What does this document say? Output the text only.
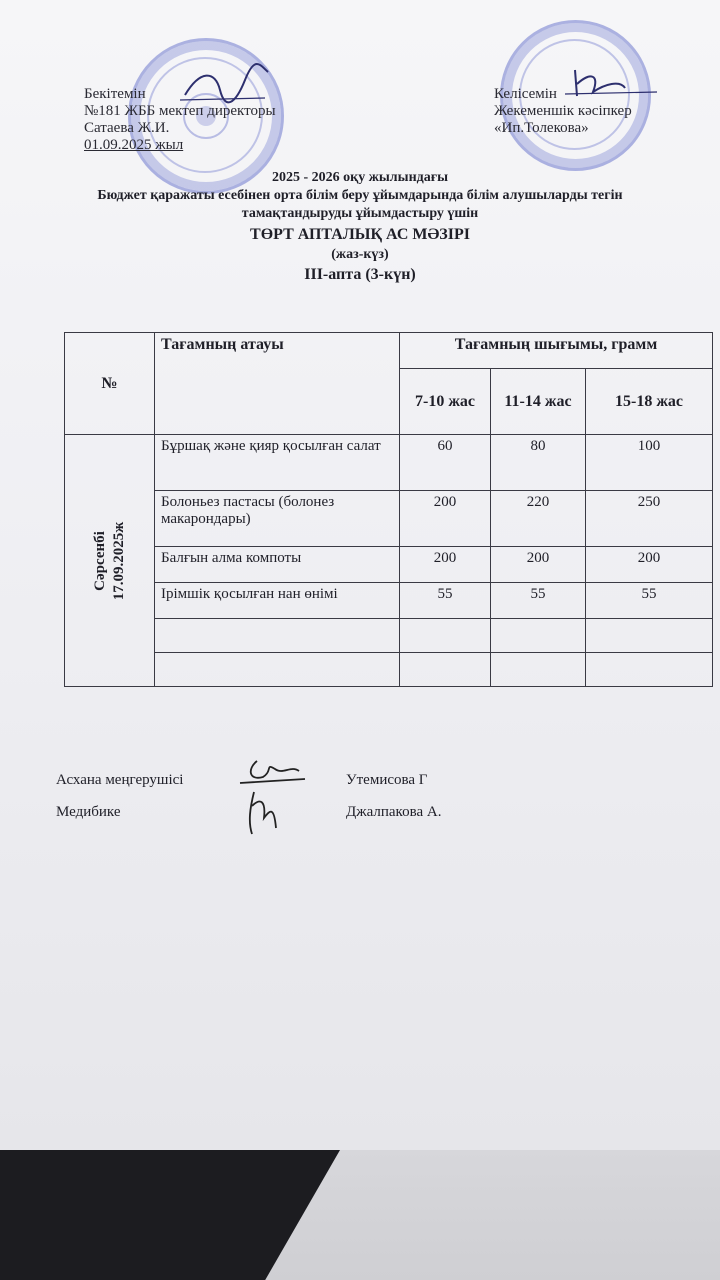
Бекітемін
№181 ЖББ мектеп директоры
Сатаева Ж.И.
01.09.2025 жыл
Келісемін
Жекеменшік кәсіпкер
«Ип.Толекова»
2025 - 2026 оқу жылындағы
Бюджет қаражаты есебінен орта білім беру ұйымдарында білім алушыларды тегін
тамақтандыруды ұйымдастыру үшін
ТӨРТ АПТАЛЫҚ АС МӘЗІРІ
(жаз-күз)
III-апта (3-күн)
№	Тағамның атауы	Тағамның шығымы, грамм		
		7-10 жас	11-14 жас	15-18 жас

Сәрсенбі 17.09.2025ж	Бұршақ және қияр қосылған салат	60	80	100
	Болоньез пастасы (болонез макарондары)	200	220	250
	Балғын алма компоты	200	200	200
	Ірімшік қосылған нан өнімі	55	55	55

Асхана меңгерушісі	Утемисова Г
Медибике	Джалпакова А.
